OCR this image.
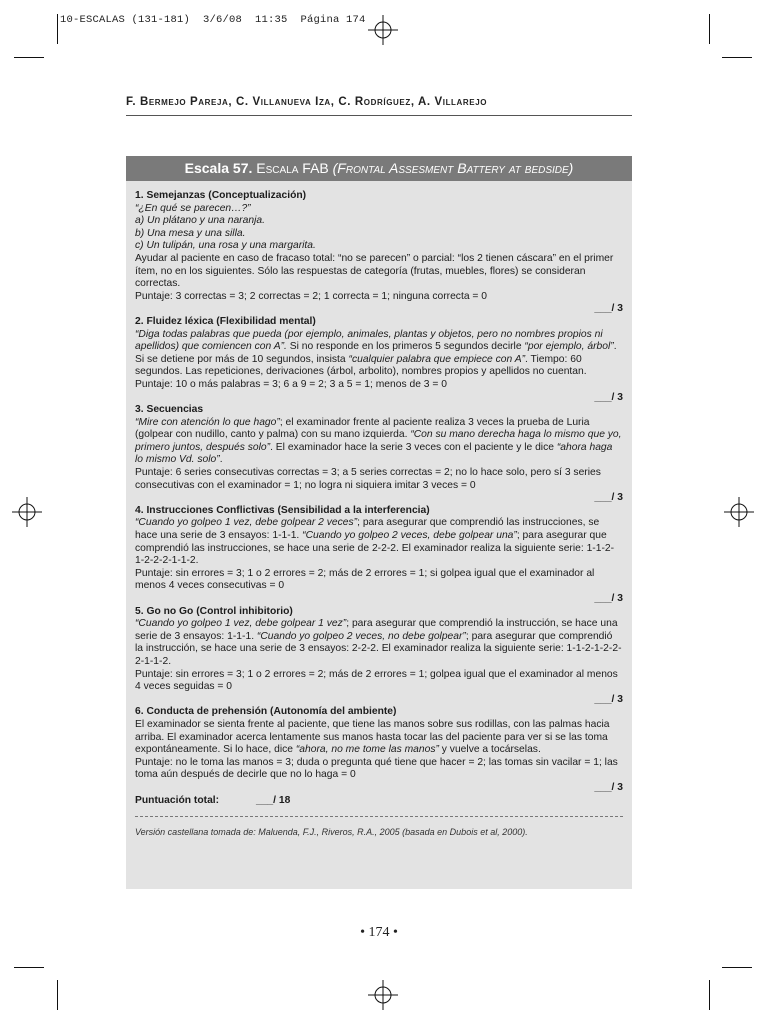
10-ESCALAS (131-181)  3/6/08  11:35  Página 174
F. Bermejo Pareja, C. Villanueva Iza, C. Rodríguez, A. Villarejo
Escala 57. Escala FAB (Frontal Assesment Battery at bedside)
1. Semejanzas (Conceptualización)
“¿En qué se parecen…?”
a) Un plátano y una naranja.
b) Una mesa y una silla.
c) Un tulipán, una rosa y una margarita.
Ayudar al paciente en caso de fracaso total: “no se parecen” o parcial: “los 2 tienen cáscara” en el primer ítem, no en los siguientes. Sólo las respuestas de categoría (frutas, muebles, flores) se consideran correctas.
Puntaje: 3 correctas = 3; 2 correctas = 2; 1 correcta = 1; ninguna correcta = 0
___/ 3
2. Fluidez léxica (Flexibilidad mental)
“Diga todas palabras que pueda (por ejemplo, animales, plantas y objetos, pero no nombres propios ni apellidos) que comiencen con A”. Si no responde en los primeros 5 segundos decirle “por ejemplo, árbol”. Si se detiene por más de 10 segundos, insista “cualquier palabra que empiece con A”. Tiempo: 60 segundos. Las repeticiones, derivaciones (árbol, arbolito), nombres propios y apellidos no cuentan.
Puntaje: 10 o más palabras = 3; 6 a 9 = 2; 3 a 5 = 1; menos de 3 = 0
___/ 3
3. Secuencias
“Mire con atención lo que hago”; el examinador frente al paciente realiza 3 veces la prueba de Luria (golpear con nudillo, canto y palma) con su mano izquierda. “Con su mano derecha haga lo mismo que yo, primero juntos, después solo”. El examinador hace la serie 3 veces con el paciente y le dice “ahora haga lo mismo Vd. solo”.
Puntaje: 6 series consecutivas correctas = 3; a 5 series correctas = 2; no lo hace solo, pero sí 3 series consecutivas con el examinador = 1; no logra ni siquiera imitar 3 veces = 0
___/ 3
4. Instrucciones Conflictivas (Sensibilidad a la interferencia)
“Cuando yo golpeo 1 vez, debe golpear 2 veces”; para asegurar que comprendió las instrucciones, se hace una serie de 3 ensayos: 1-1-1. “Cuando yo golpeo 2 veces, debe golpear una”; para asegurar que comprendió las instrucciones, se hace una serie de 2-2-2. El examinador realiza la siguiente serie: 1-1-2-1-2-2-2-1-1-2.
Puntaje: sin errores = 3; 1 o 2 errores = 2; más de 2 errores = 1; si golpea igual que el examinador al menos 4 veces consecutivas = 0
___/ 3
5. Go no Go (Control inhibitorio)
“Cuando yo golpeo 1 vez, debe golpear 1 vez”; para asegurar que comprendió la instrucción, se hace una serie de 3 ensayos: 1-1-1. “Cuando yo golpeo 2 veces, no debe golpear”; para asegurar que comprendió la instrucción, se hace una serie de 3 ensayos: 2-2-2. El examinador realiza la siguiente serie: 1-1-2-1-2-2-2-1-1-2.
Puntaje: sin errores = 3; 1 o 2 errores = 2; más de 2 errores = 1; golpea igual que el examinador al menos 4 veces seguidas = 0
___/ 3
6. Conducta de prehensión (Autonomía del ambiente)
El examinador se sienta frente al paciente, que tiene las manos sobre sus rodillas, con las palmas hacia arriba. El examinador acerca lentamente sus manos hasta tocar las del paciente para ver si se las toma expontáneamente. Si lo hace, dice “ahora, no me tome las manos” y vuelve a tocárselas.
Puntaje: no le toma las manos = 3; duda o pregunta qué tiene que hacer = 2; las tomas sin vacilar = 1; las toma aún después de decirle que no lo haga = 0
___/ 3
Puntuación total:	___/ 18
Versión castellana tomada de: Maluenda, F.J., Riveros, R.A., 2005 (basada en Dubois et al, 2000).
• 174 •
